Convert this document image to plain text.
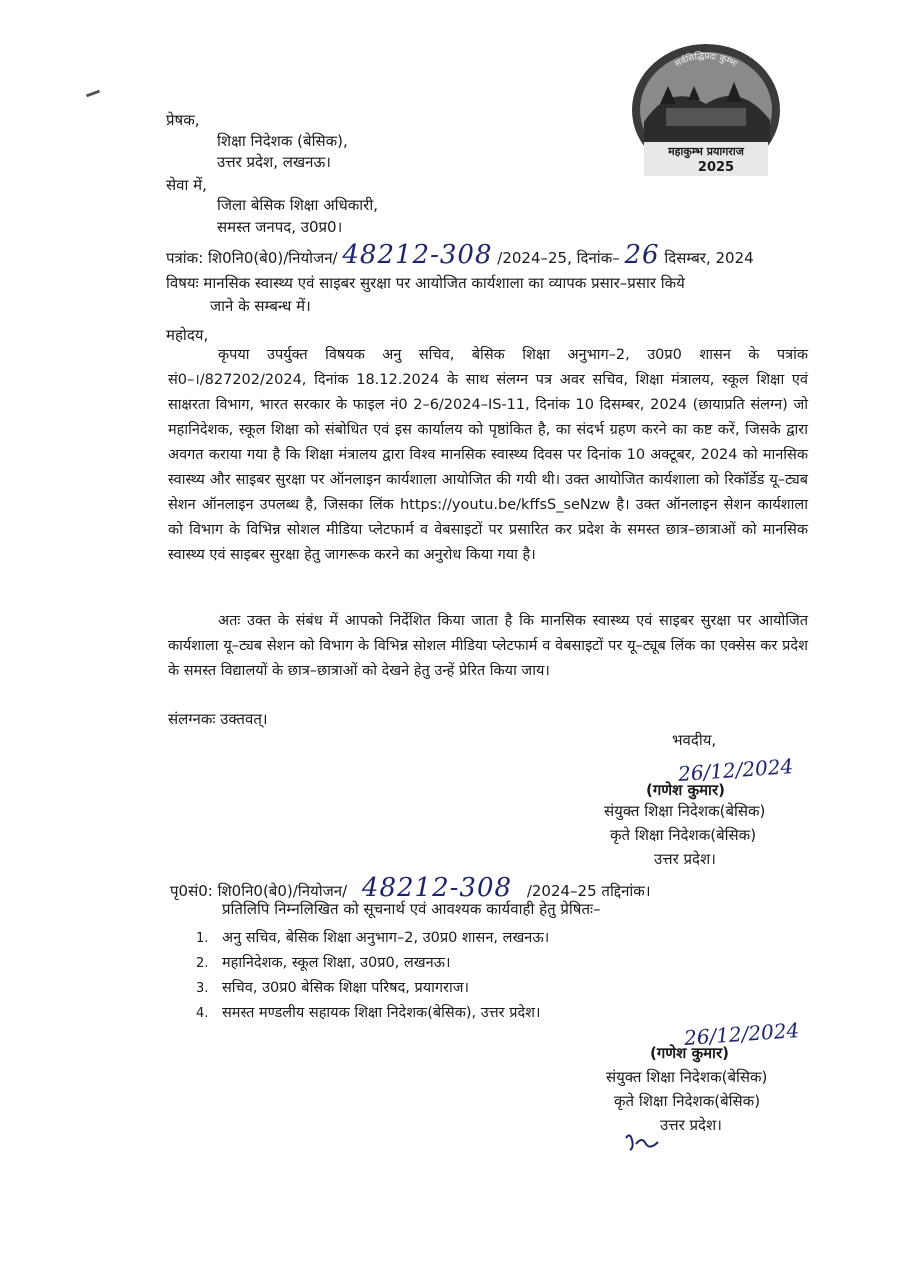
सर्वसिद्धिप्रदः कुम्भः
महाकुम्भ प्रयागराज
2025
प्रेषक,
शिक्षा निदेशक (बेसिक),
उत्तर प्रदेश, लखनऊ।
सेवा में,
जिला बेसिक शिक्षा अधिकारी,
समस्त जनपद, उ0प्र0।
पत्रांक: शि0नि0(बे0)/नियोजन/ 48212-308 /2024–25, दिनांक– 26 दिसम्बर, 2024
विषयः मानसिक स्वास्थ्य एवं साइबर सुरक्षा पर आयोजित कार्यशाला का व्यापक प्रसार–प्रसार किये
जाने के सम्बन्ध में।
महोदय,

कृपया उपर्युक्त विषयक अनु सचिव, बेसिक शिक्षा अनुभाग–2, उ0प्र0 शासन के पत्रांक सं0–।/827202/2024, दिनांक 18.12.2024 के साथ संलग्न पत्र अवर सचिव, शिक्षा मंत्रालय, स्कूल शिक्षा एवं साक्षरता विभाग, भारत सरकार के फाइल नं0 2–6/2024–IS-11, दिनांक 10 दिसम्बर, 2024 (छायाप्रति संलग्न) जो महानिदेशक, स्कूल शिक्षा को संबोधित एवं इस कार्यालय को पृष्ठांकित है, का संदर्भ ग्रहण करने का कष्ट करें, जिसके द्वारा अवगत कराया गया है कि शिक्षा मंत्रालय द्वारा विश्व मानसिक स्वास्थ्य दिवस पर दिनांक 10 अक्टूबर, 2024 को मानसिक स्वास्थ्य और साइबर सुरक्षा पर ऑनलाइन कार्यशाला आयोजित की गयी थी। उक्त आयोजित कार्यशाला को रिकॉर्डेड यू–ट्यब सेशन ऑनलाइन उपलब्ध है, जिसका लिंक https://youtu.be/kffsS_seNzw है। उक्त ऑनलाइन सेशन कार्यशाला को विभाग के विभिन्न सोशल मीडिया प्लेटफार्म व वेबसाइटों पर प्रसारित कर प्रदेश के समस्त छात्र–छात्राओं को मानसिक स्वास्थ्य एवं साइबर सुरक्षा हेतु जागरूक करने का अनुरोध किया गया है।

अतः उक्त के संबंध में आपको निर्देशित किया जाता है कि मानसिक स्वास्थ्य एवं साइबर सुरक्षा पर आयोजित कार्यशाला यू–ट्यब सेशन को विभाग के विभिन्न सोशल मीडिया प्लेटफार्म व वेबसाइटों पर यू–ट्यूब लिंक का एक्सेस कर प्रदेश के समस्त विद्यालयों के छात्र–छात्राओं को देखने हेतु उन्हें प्रेरित किया जाय।

संलग्नकः उक्तवत्।
भवदीय,
26/12/2024
(गणेश कुमार)
संयुक्त शिक्षा निदेशक(बेसिक)
कृते शिक्षा निदेशक(बेसिक)
उत्तर प्रदेश।
पृ0सं0: शि0नि0(बे0)/नियोजन/ 48212-308 /2024–25 तद्दिनांक।
प्रतिलिपि निम्नलिखित को सूचनार्थ एवं आवश्यक कार्यवाही हेतु प्रेषितः–
1. अनु सचिव, बेसिक शिक्षा अनुभाग–2, उ0प्र0 शासन, लखनऊ।
2. महानिदेशक, स्कूल शिक्षा, उ0प्र0, लखनऊ।
3. सचिव, उ0प्र0 बेसिक शिक्षा परिषद, प्रयागराज।
4. समस्त मण्डलीय सहायक शिक्षा निदेशक(बेसिक), उत्तर प्रदेश।
26/12/2024
(गणेश कुमार)
संयुक्त शिक्षा निदेशक(बेसिक)
कृते शिक्षा निदेशक(बेसिक)
उत्तर प्रदेश।
